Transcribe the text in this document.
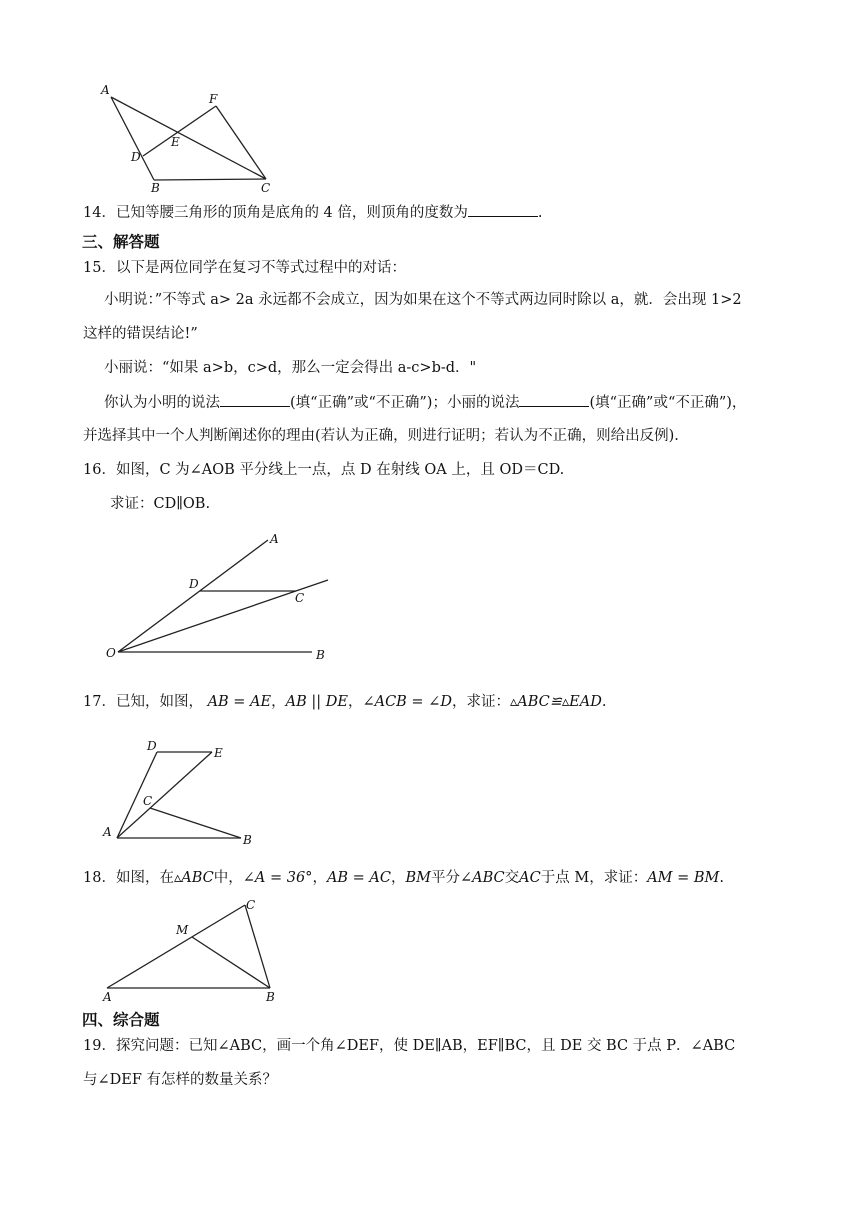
A
F
E
D
B	C
14．已知等腰三角形的顶角是底角的 4 倍，则顶角的度数为	.
三、解答题
15．以下是两位同学在复习不等式过程中的对话：
小明说：”不等式 a> 2a 永远都不会成立，因为如果在这个不等式两边同时除以 a，就．会出现 1>2
这样的错误结论!”
小丽说：“如果 a>b，c>d，那么一定会得出 a-c>b-d．"
你认为小明的说法	(填“正确”或“不正确”)；小丽的说法	(填“正确”或“不正确”)，
并选择其中一个人判断阐述你的理由(若认为正确，则进行证明；若认为不正确，则给出反例).
16．如图，C 为∠AOB 平分线上一点，点 D 在射线 OA 上，且 OD＝CD.
求证：CD∥OB.
A
D
C
O	B
17．已知，如图， AB = AE，AB || DE，∠ACB = ∠D，求证：▵ABC≌▵EAD.
D	E
C
A
B
18．如图，在▵ABC中，∠A = 36°，AB = AC，BM平分∠ABC交AC于点 M，求证：AM = BM.
C
M
A	B
四、综合题
19．探究问题：已知∠ABC，画一个角∠DEF，使 DE∥AB，EF∥BC，且 DE 交 BC 于点 P．∠ABC
与∠DEF 有怎样的数量关系？
